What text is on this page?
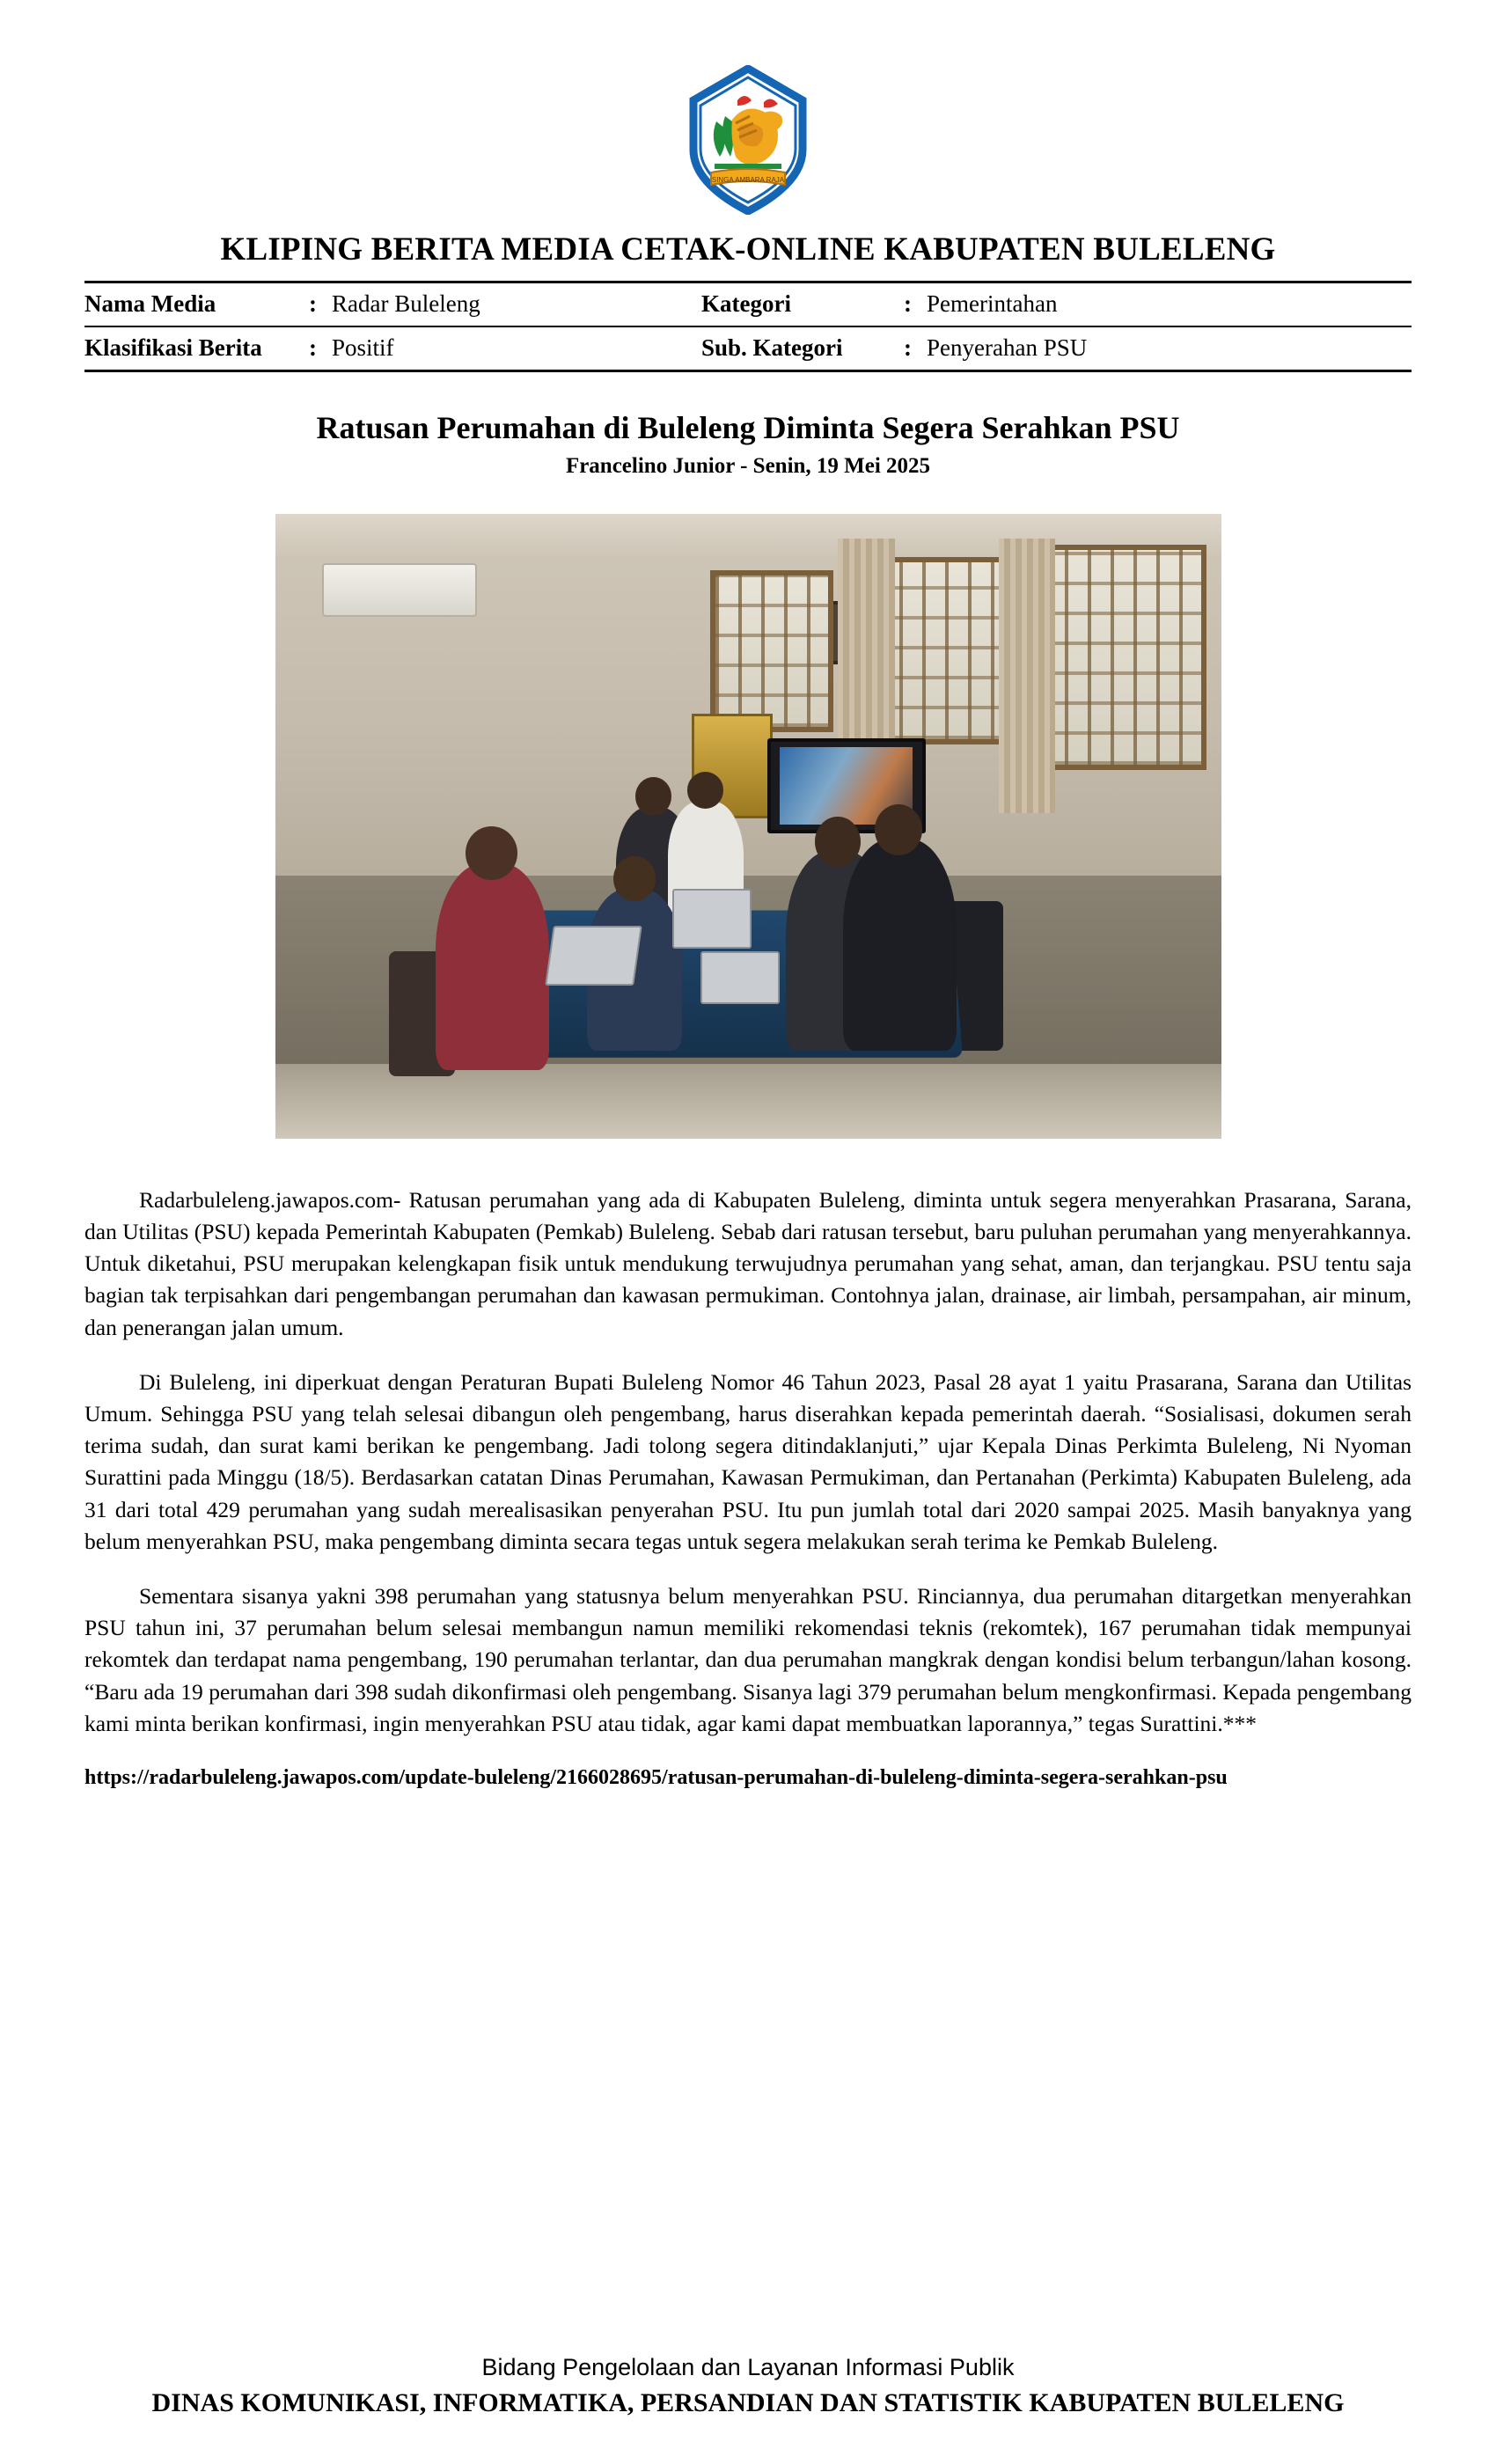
SINGA AMBARA RAJA
KLIPING BERITA MEDIA CETAK-ONLINE KABUPATEN BULELENG
Nama Media	:	Radar Buleleng	Kategori	:	Pemerintahan

Klasifikasi Berita	:	Positif	Sub. Kategori	:	Penyerahan PSU
Ratusan Perumahan di Buleleng Diminta Segera Serahkan PSU
Francelino Junior - Senin, 19 Mei 2025

Radarbuleleng.jawapos.com- Ratusan perumahan yang ada di Kabupaten Buleleng, diminta untuk segera menyerahkan Prasarana, Sarana, dan Utilitas (PSU) kepada Pemerintah Kabupaten (Pemkab) Buleleng. Sebab dari ratusan tersebut, baru puluhan perumahan yang menyerahkannya. Untuk diketahui, PSU merupakan kelengkapan fisik untuk mendukung terwujudnya perumahan yang sehat, aman, dan terjangkau. PSU tentu saja bagian tak terpisahkan dari pengembangan perumahan dan kawasan permukiman. Contohnya jalan, drainase, air limbah, persampahan, air minum, dan penerangan jalan umum.

Di Buleleng, ini diperkuat dengan Peraturan Bupati Buleleng Nomor 46 Tahun 2023, Pasal 28 ayat 1 yaitu Prasarana, Sarana dan Utilitas Umum. Sehingga PSU yang telah selesai dibangun oleh pengembang, harus diserahkan kepada pemerintah daerah. “Sosialisasi, dokumen serah terima sudah, dan surat kami berikan ke pengembang. Jadi tolong segera ditindaklanjuti,” ujar Kepala Dinas Perkimta Buleleng, Ni Nyoman Surattini pada Minggu (18/5). Berdasarkan catatan Dinas Perumahan, Kawasan Permukiman, dan Pertanahan (Perkimta) Kabupaten Buleleng, ada 31 dari total 429 perumahan yang sudah merealisasikan penyerahan PSU. Itu pun jumlah total dari 2020 sampai 2025. Masih banyaknya yang belum menyerahkan PSU, maka pengembang diminta secara tegas untuk segera melakukan serah terima ke Pemkab Buleleng.

Sementara sisanya yakni 398 perumahan yang statusnya belum menyerahkan PSU. Rinciannya, dua perumahan ditargetkan menyerahkan PSU tahun ini, 37 perumahan belum selesai membangun namun memiliki rekomendasi teknis (rekomtek), 167 perumahan tidak mempunyai rekomtek dan terdapat nama pengembang, 190 perumahan terlantar, dan dua perumahan mangkrak dengan kondisi belum terbangun/lahan kosong. “Baru ada 19 perumahan dari 398 sudah dikonfirmasi oleh pengembang. Sisanya lagi 379 perumahan belum mengkonfirmasi. Kepada pengembang kami minta berikan konfirmasi, ingin menyerahkan PSU atau tidak, agar kami dapat membuatkan laporannya,” tegas Surattini.***

https://radarbuleleng.jawapos.com/update-buleleng/2166028695/ratusan-perumahan-di-buleleng-diminta-segera-serahkan-psu
Bidang Pengelolaan dan Layanan Informasi Publik
DINAS KOMUNIKASI, INFORMATIKA, PERSANDIAN DAN STATISTIK KABUPATEN BULELENG
